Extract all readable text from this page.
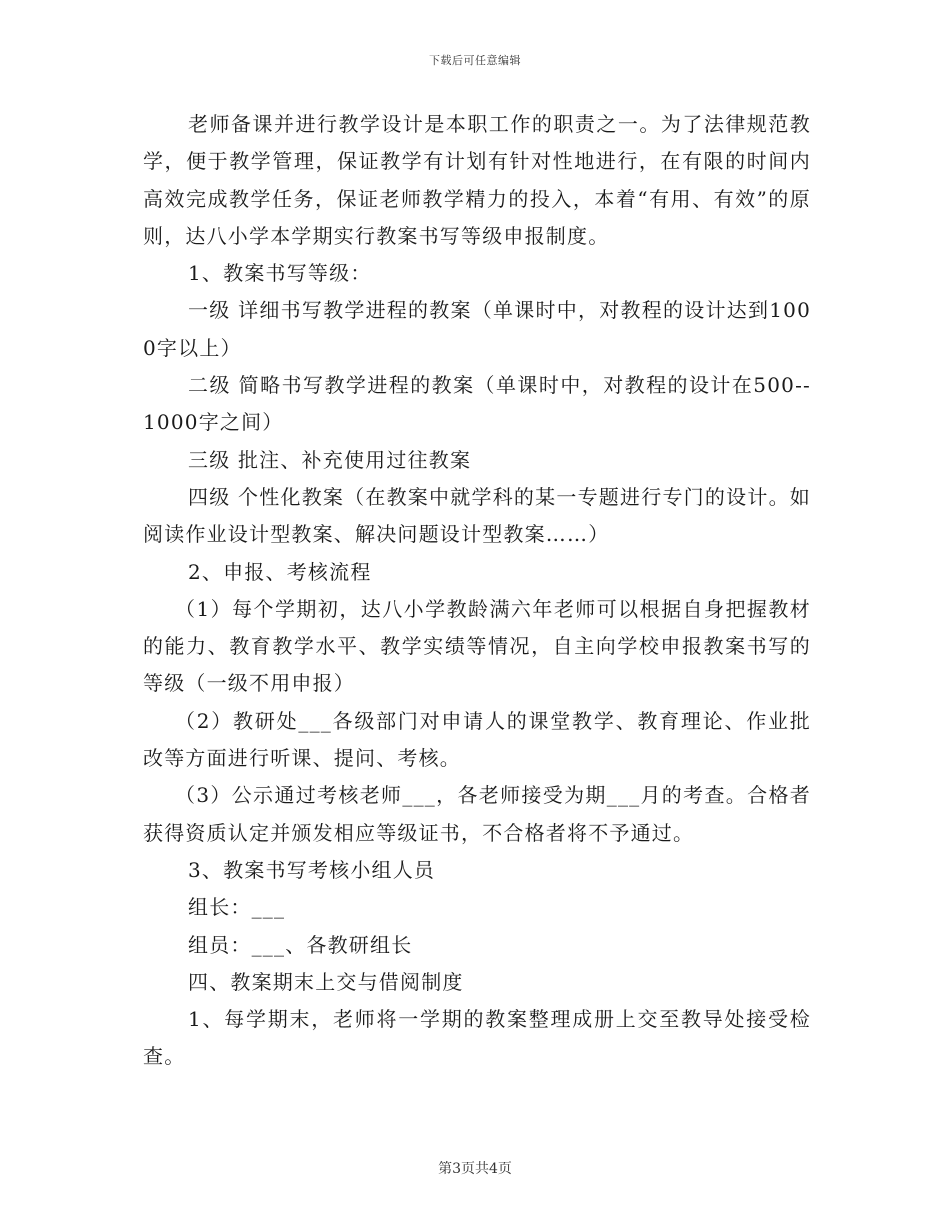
下载后可任意编辑

老师备课并进行教学设计是本职工作的职责之一。为了法律规范教学，便于教学管理，保证教学有计划有针对性地进行，在有限的时间内高效完成教学任务，保证老师教学精力的投入，本着“有用、有效”的原则，达八小学本学期实行教案书写等级申报制度。

1、教案书写等级：

一级 详细书写教学进程的教案（单课时中，对教程的设计达到1000字以上）

二级 简略书写教学进程的教案（单课时中，对教程的设计在500--1000字之间）

三级 批注、补充使用过往教案

四级 个性化教案（在教案中就学科的某一专题进行专门的设计。如阅读作业设计型教案、解决问题设计型教案……）

2、申报、考核流程

（1）每个学期初，达八小学教龄满六年老师可以根据自身把握教材的能力、教育教学水平、教学实绩等情况，自主向学校申报教案书写的等级（一级不用申报）

（2）教研处___各级部门对申请人的课堂教学、教育理论、作业批改等方面进行听课、提问、考核。

（3）公示通过考核老师___，各老师接受为期___月的考查。合格者获得资质认定并颁发相应等级证书，不合格者将不予通过。

3、教案书写考核小组人员

组长：___

组员：___、各教研组长

四、教案期末上交与借阅制度

1、每学期末，老师将一学期的教案整理成册上交至教导处接受检查。

第3页共4页
